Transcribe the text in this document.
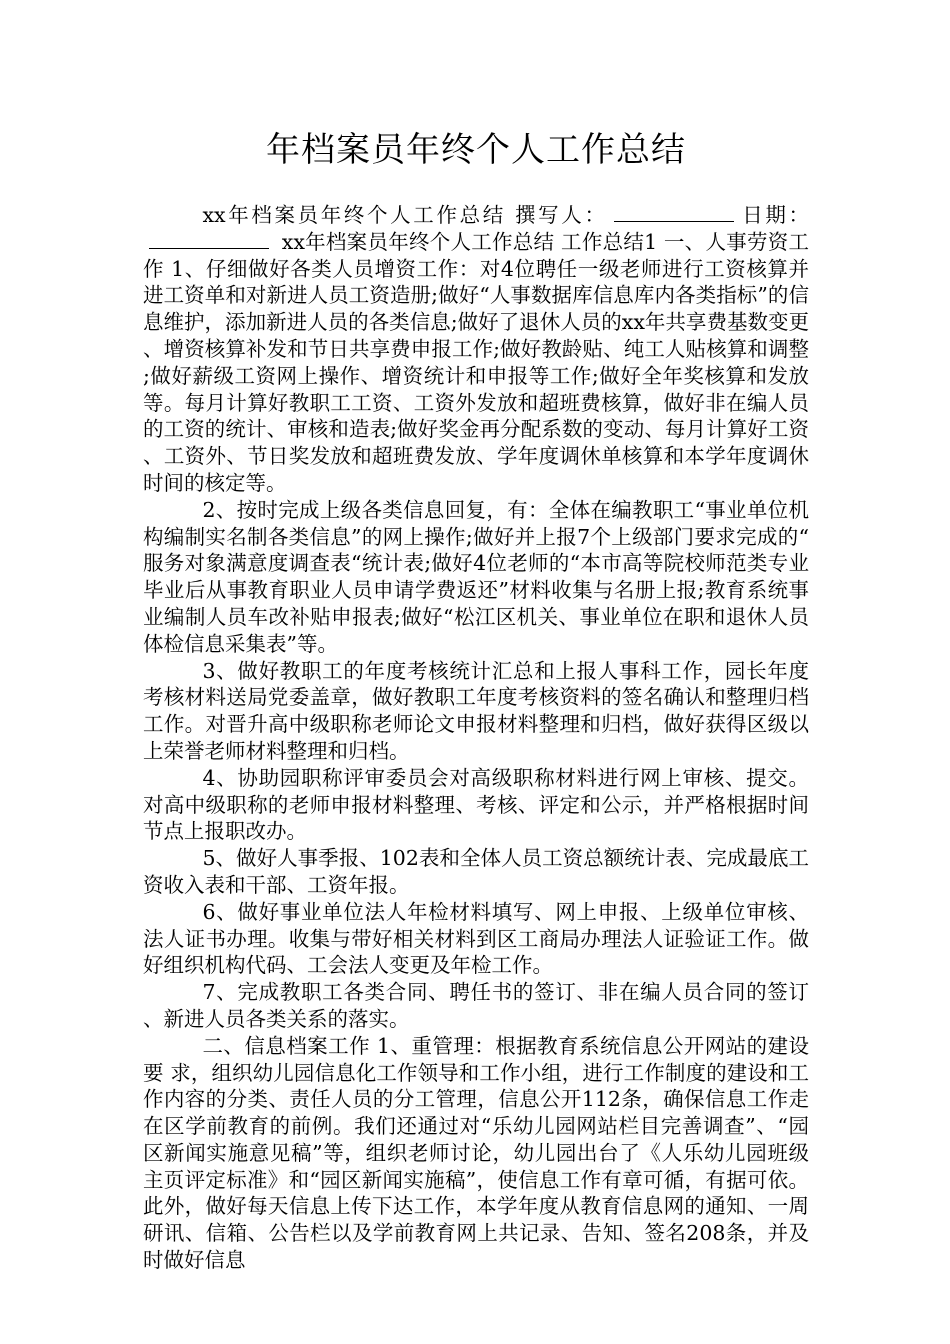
年档案员年终个人工作总结

xx年档案员年终个人工作总结 撰写人：	日期： xx年档案员年终个人工作总结 工作总结1 一、人事劳资工作 1、仔细做好各类人员增资工作：对4位聘任一级老师进行工资核算并进工资单和对新进人员工资造册;做好“人事数据库信息库内各类指标”的信息维护，添加新进人员的各类信息;做好了退休人员的xx年共享费基数变更、增资核算补发和节日共享费申报工作;做好教龄贴、纯工人贴核算和调整;做好薪级工资网上操作、增资统计和申报等工作;做好全年奖核算和发放等。每月计算好教职工工资、工资外发放和超班费核算，做好非在编人员的工资的统计、审核和造表;做好奖金再分配系数的变动、每月计算好工资、工资外、节日奖发放和超班费发放、学年度调休单核算和本学年度调休时间的核定等。

2、按时完成上级各类信息回复，有：全体在编教职工“事业单位机构编制实名制各类信息”的网上操作;做好并上报7个上级部门要求完成的“服务对象满意度调查表“统计表;做好4位老师的“本市高等院校师范类专业毕业后从事教育职业人员申请学费返还”材料收集与名册上报;教育系统事业编制人员车改补贴申报表;做好“松江区机关、事业单位在职和退休人员体检信息采集表”等。

3、做好教职工的年度考核统计汇总和上报人事科工作，园长年度考核材料送局党委盖章，做好教职工年度考核资料的签名确认和整理归档工作。对晋升高中级职称老师论文申报材料整理和归档，做好获得区级以上荣誉老师材料整理和归档。

4、协助园职称评审委员会对高级职称材料进行网上审核、提交。对高中级职称的老师申报材料整理、考核、评定和公示，并严格根据时间节点上报职改办。

5、做好人事季报、102表和全体人员工资总额统计表、完成最底工资收入表和干部、工资年报。

6、做好事业单位法人年检材料填写、网上申报、上级单位审核、法人证书办理。收集与带好相关材料到区工商局办理法人证验证工作。做好组织机构代码、工会法人变更及年检工作。

7、完成教职工各类合同、聘任书的签订、非在编人员合同的签订、新进人员各类关系的落实。

二、信息档案工作 1、重管理：根据教育系统信息公开网站的建设要 求，组织幼儿园信息化工作领导和工作小组，进行工作制度的建设和工作内容的分类、责任人员的分工管理，信息公开112条，确保信息工作走在区学前教育的前例。我们还通过对“乐幼儿园网站栏目完善调查”、“园区新闻实施意见稿”等，组织老师讨论，幼儿园出台了《人乐幼儿园班级主页评定标准》和“园区新闻实施稿”，使信息工作有章可循，有据可依。此外，做好每天信息上传下达工作，本学年度从教育信息网的通知、一周研讯、信箱、公告栏以及学前教育网上共记录、告知、签名208条，并及时做好信息
